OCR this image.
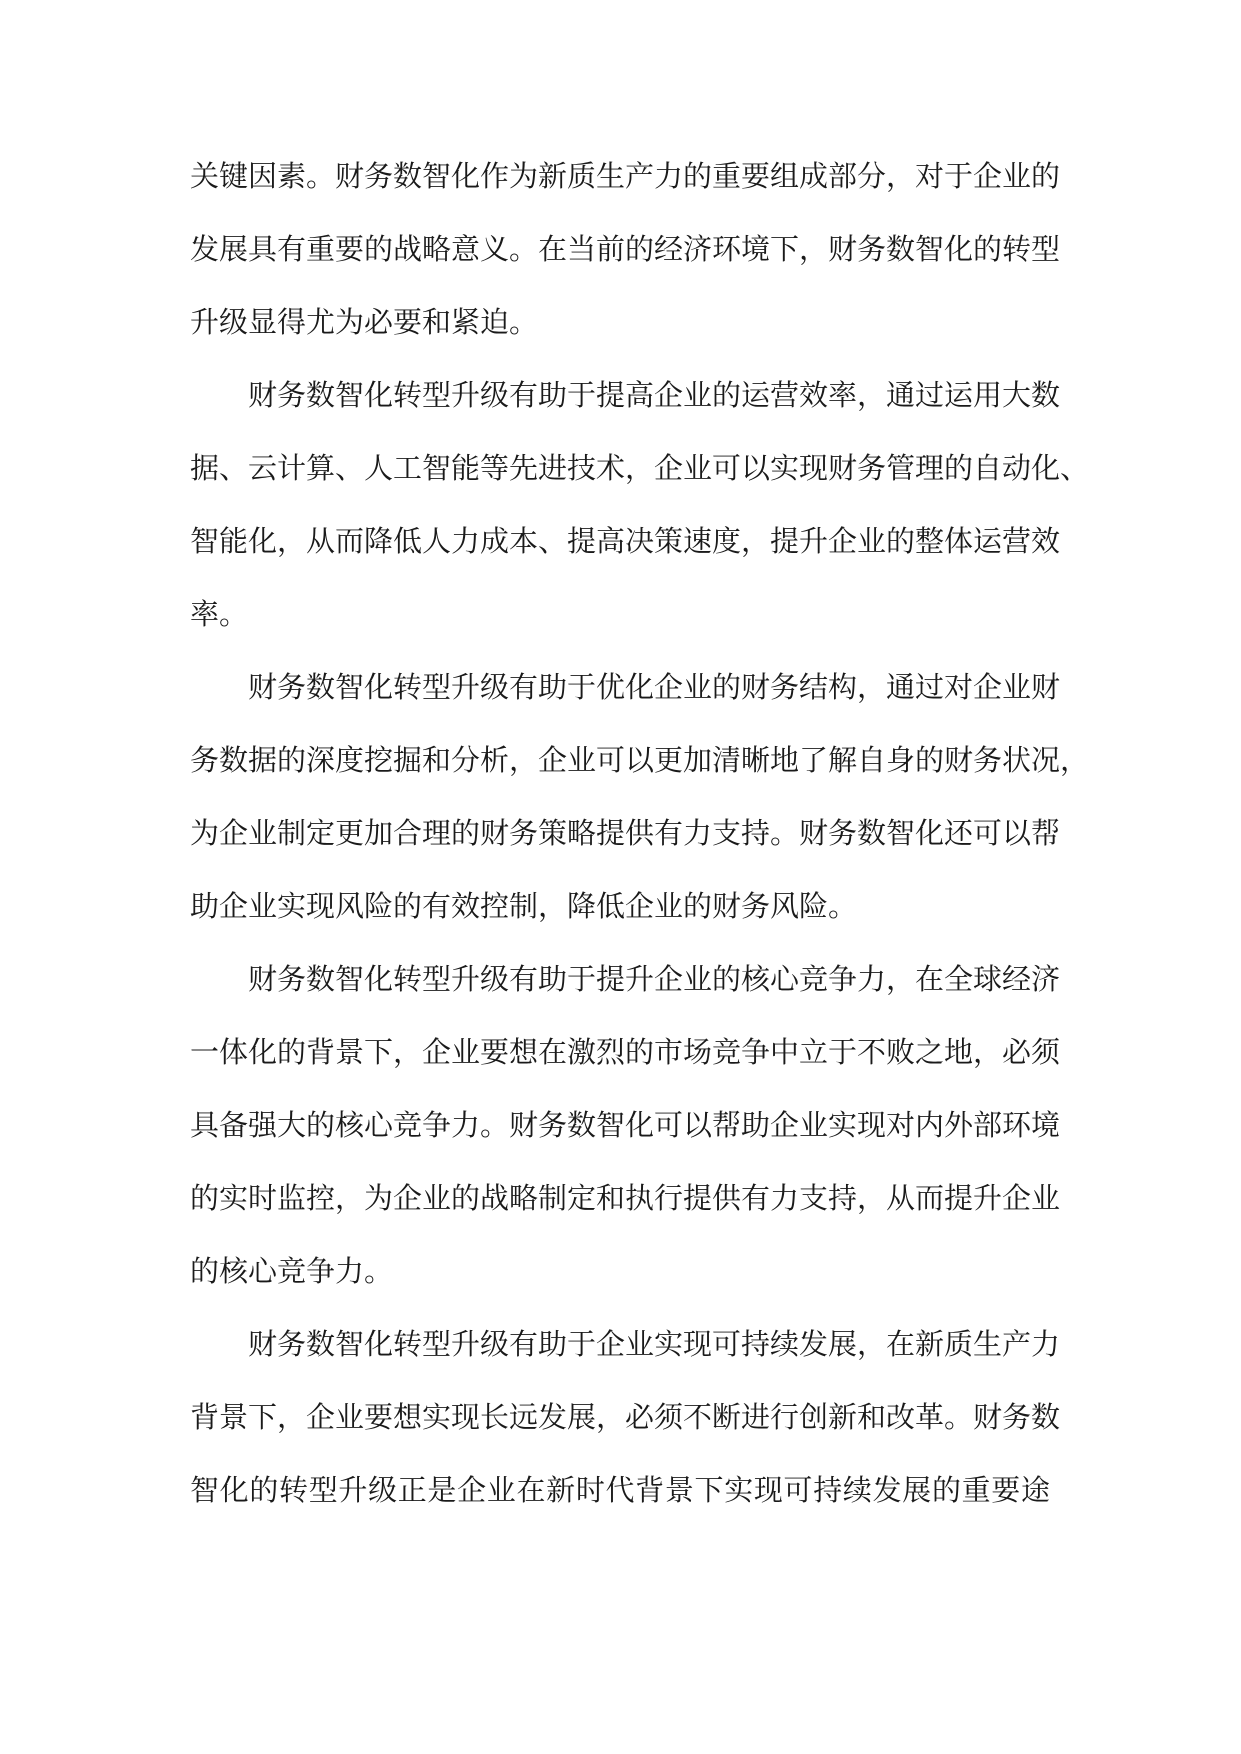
关键因素。财务数智化作为新质生产力的重要组成部分，对于企业的
发展具有重要的战略意义。在当前的经济环境下，财务数智化的转型
升级显得尤为必要和紧迫。

财务数智化转型升级有助于提高企业的运营效率，通过运用大数
据、云计算、人工智能等先进技术，企业可以实现财务管理的自动化、
智能化，从而降低人力成本、提高决策速度，提升企业的整体运营效
率。

财务数智化转型升级有助于优化企业的财务结构，通过对企业财
务数据的深度挖掘和分析，企业可以更加清晰地了解自身的财务状况，
为企业制定更加合理的财务策略提供有力支持。财务数智化还可以帮
助企业实现风险的有效控制，降低企业的财务风险。

财务数智化转型升级有助于提升企业的核心竞争力，在全球经济
一体化的背景下，企业要想在激烈的市场竞争中立于不败之地，必须
具备强大的核心竞争力。财务数智化可以帮助企业实现对内外部环境
的实时监控，为企业的战略制定和执行提供有力支持，从而提升企业
的核心竞争力。

财务数智化转型升级有助于企业实现可持续发展，在新质生产力
背景下，企业要想实现长远发展，必须不断进行创新和改革。财务数
智化的转型升级正是企业在新时代背景下实现可持续发展的重要途
